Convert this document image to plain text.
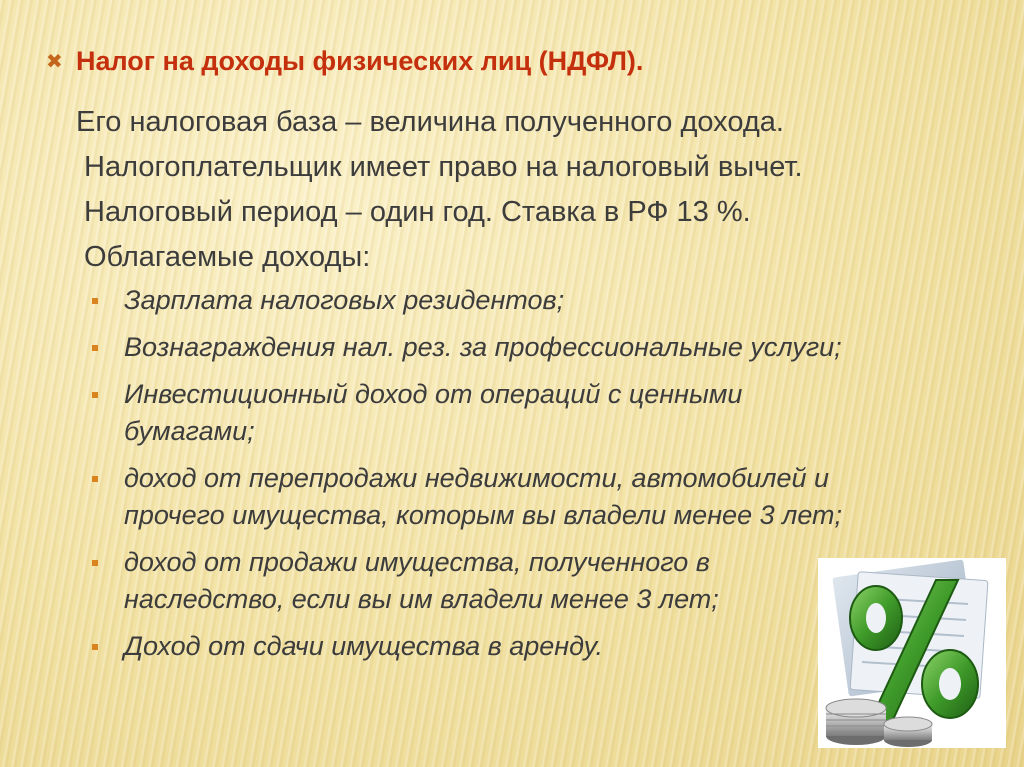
✖ Налог на доходы физических лиц (НДФЛ) .
Его налоговая база – величина полученного дохода.
Налогоплательщик имеет право на налоговый вычет.
Налоговый период – один год. Ставка в РФ 13 %.
Облагаемые доходы:
Зарплата налоговых резидентов;
Вознаграждения нал. рез. за профессиональные услуги;
Инвестиционный доход от операций с ценными
бумагами;
доход от перепродажи недвижимости, автомобилей и
прочего имущества, которым вы владели менее 3 лет;
доход от продажи имущества, полученного в
наследство, если вы им владели менее 3 лет;
Доход от сдачи имущества в аренду.
